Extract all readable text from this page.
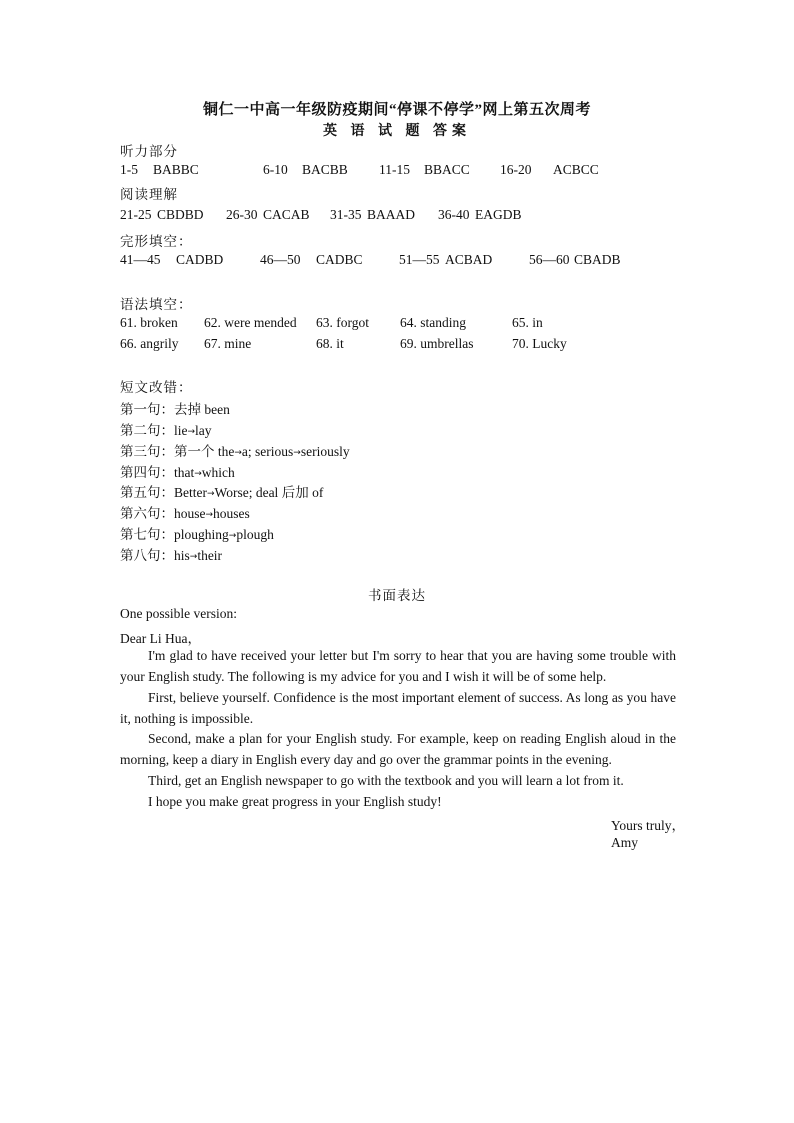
铜仁一中高一年级防疫期间“停课不停学”网上第五次周考
英 语 试 题 答案
听力部分
1-5 BABBC	6-10 BACBB 11-15 BBACC 16-20 ACBCC
阅读理解
21-25 CBDBD 26-30 CACAB 31-35 BAAAD 36-40 EAGDB
完形填空：
41—45 CADBD	46—50 CADBC	51—55 ACBAD	56—60 CBADB
语法填空：
61. broken 62. were mended 63. forgot 64. standing	65. in
66. angrily 67. mine	68. it	69. umbrellas	70. Lucky
短文改错：
第一句：去掉 been
第二句：lie→lay
第三句：第一个 the→a; serious→seriously
第四句：that→which
第五句：Better→Worse; deal 后加 of
第六句：house→houses
第七句：ploughing→plough
第八句：his→their
书面表达
One possible version:
Dear Li Hua，
I'm glad to have received your letter but I'm sorry to hear that you are having some trouble with your English study. The following is my advice for you and I wish it will be of some help.
First, believe yourself. Confidence is the most important element of success. As long as you have it, nothing is impossible.
Second, make a plan for your English study. For example, keep on reading English aloud in the morning, keep a diary in English every day and go over the grammar points in the evening.
Third, get an English newspaper to go with the textbook and you will learn a lot from it.
I hope you make great progress in your English study!
Yours truly，
Amy
